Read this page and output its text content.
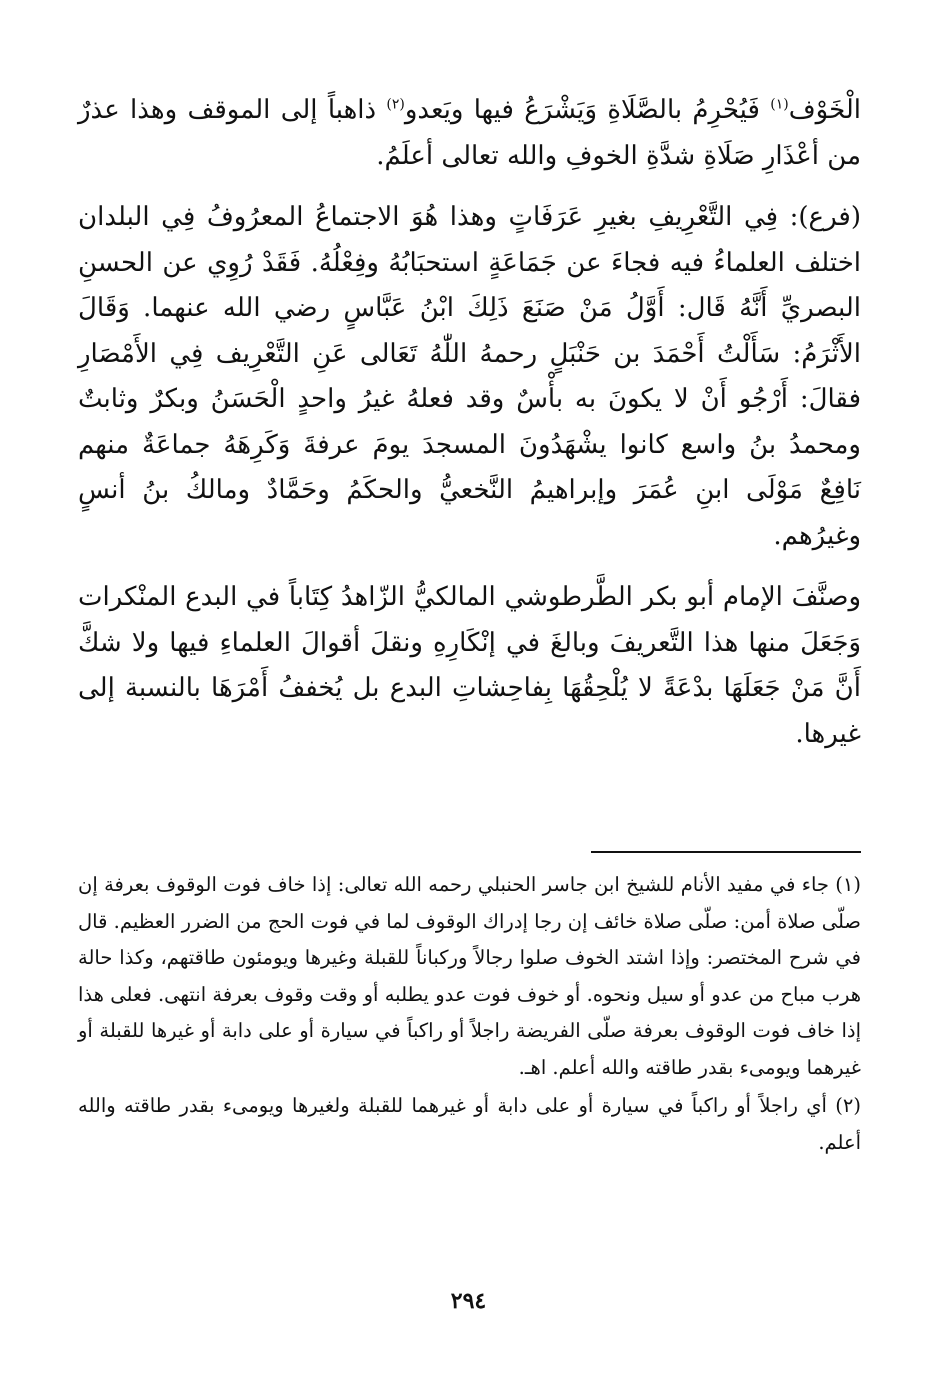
الْخَوْف$^{(١)}$ فَيُحْرِمُ بالصَّلَاةِ وَيَشْرَعُ فيها ويَعدو$^{(٢)}$ ذاهباً إلى الموقف وهذا عذرٌ من أعْذَارِ صَلَاةِ شدَّةِ الخوفِ والله تعالى أعلَمُ.

(فرع): فِي التَّعْرِيفِ بغيرِ عَرَفَاتٍ وهذا هُوَ الاجتماعُ المعرُوفُ فِي البلدان اختلف العلماءُ فيه فجاءَ عن جَمَاعَةٍ استحبَابُهُ وفِعْلُهُ. فَقَدْ رُوِي عن الحسنِ البصريِّ أَنَّهُ قَال: أَوَّلُ مَنْ صَنَعَ ذَلِكَ ابْنُ عَبَّاسٍ رضي الله عنهما. وَقَالَ الأَثْرَمُ: سَأَلْتُ أَحْمَدَ بن حَنْبَلٍ رحمهُ اللّٰهُ تَعَالى عَنِ التَّعْرِيف فِي الأَمْصَارِ فقالَ: أَرْجُو أَنْ لا يكونَ به بأْسٌ وقد فعلهُ غيرُ واحدٍ الْحَسَنُ وبكرٌ وثابتٌ ومحمدُ بنُ واسع كانوا يشْهَدُونَ المسجدَ يومَ عرفةَ وَكَرِهَهُ جماعَةٌ منهم نَافِعٌ مَوْلَى ابنِ عُمَرَ وإبراهيمُ النَّخعيُّ والحكَمُ وحَمَّادٌ ومالكُ بنُ أنسٍ وغيرُهم.

وصنَّفَ الإمام أبو بكر الطَّرطوشي المالكيُّ الزّاهدُ كِتَاباً في البدع المنْكرات وَجَعَلَ منها هذا التَّعريفَ وبالغَ في إنْكَارِهِ ونقلَ أقوالَ العلماءِ فيها ولا شكَّ أَنَّ مَنْ جَعَلَهَا بدْعَةً لا يُلْحِقُهَا بِفاحِشاتِ البدع بل يُخففُ أَمْرَهَا بالنسبة إلى غيرها.

(١) جاء في مفيد الأنام للشيخ ابن جاسر الحنبلي رحمه الله تعالى: إذا خاف فوت الوقوف بعرفة إن صلّى صلاة أمن: صلّى صلاة خائف إن رجا إدراك الوقوف لما في فوت الحج من الضرر العظيم. قال في شرح المختصر: وإذا اشتد الخوف صلوا رجالاً وركباناً للقبلة وغيرها ويومئون طاقتهم، وكذا حالة هرب مباح من عدو أو سيل ونحوه. أو خوف فوت عدو يطلبه أو وقت وقوف بعرفة انتهى. فعلى هذا إذا خاف فوت الوقوف بعرفة صلّى الفريضة راجلاً أو راكباً في سيارة أو على دابة أو غيرها للقبلة أو غيرهما ويومىء بقدر طاقته والله أعلم. اهـ.

(٢) أي راجلاً أو راكباً في سيارة أو على دابة أو غيرهما للقبلة ولغيرها ويومىء بقدر طاقته والله أعلم.

٢٩٤
